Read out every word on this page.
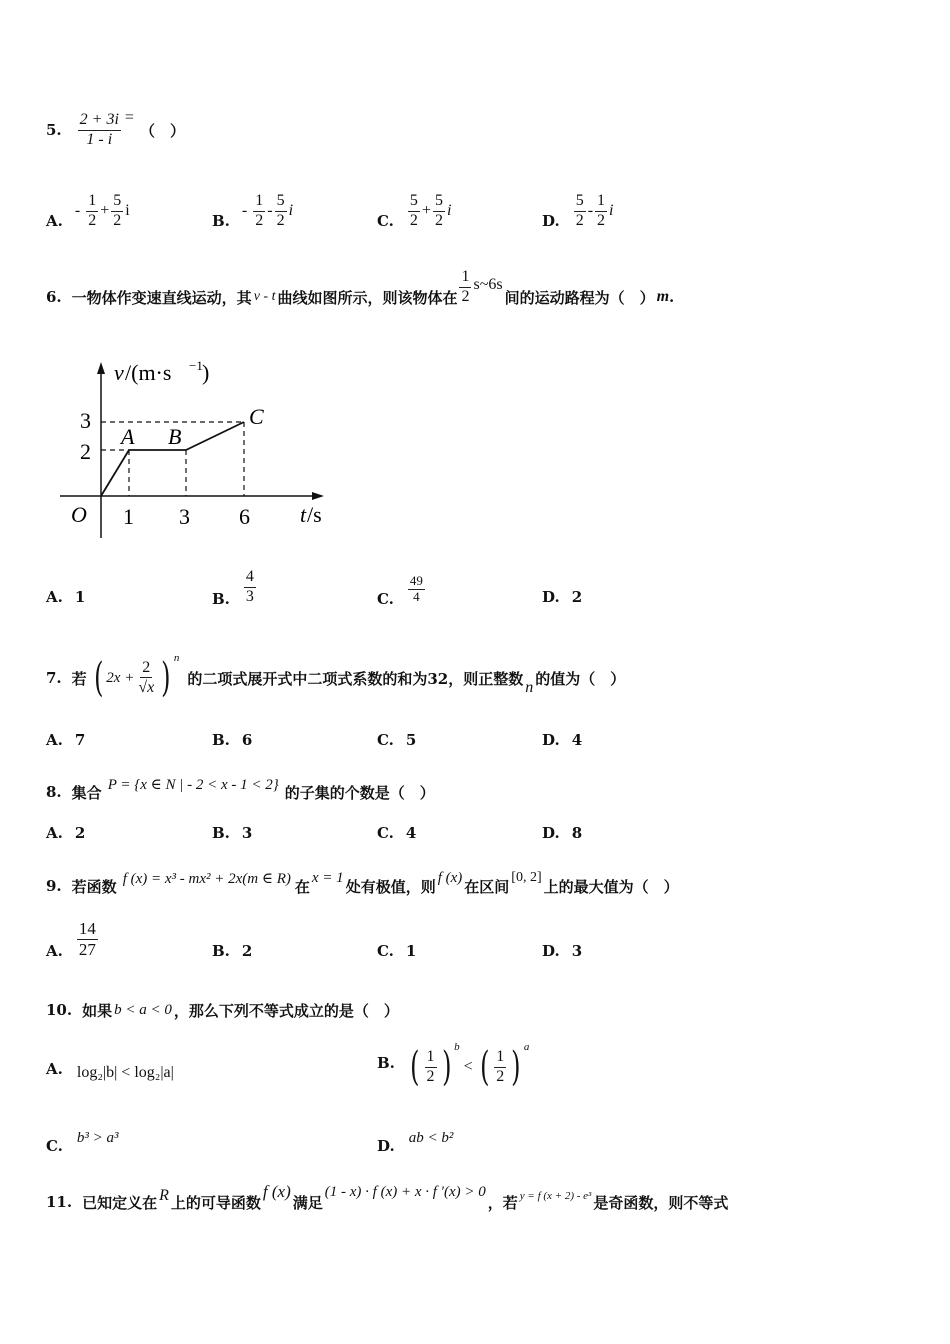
5. $\frac{2 + 3i}{1 - i}$ =
（　）
A.
- $\frac{1}{2} + \frac{5}{2}$ i
B.
- $\frac{1}{2} - \frac{5}{2}$ i
C. $\frac{5}{2} + \frac{5}{2}$ i
D. $\frac{5}{2} - \frac{1}{2}$ i
6. 一物体作变速直线运动，其 v - t 曲线如图所示，则该物体在 $\frac{1}{2}$ s~6s
间的运动路程为（　） m .
v /(m·s −1 )
3
2
A B
C
O 1 3 6 t /s
A. 1	B. $\frac{4}{3}$	C. $\frac{49}{4}$	D. 2
7. 若 ( $2x + \frac{2}{√x}$ ) n
的二项式展开式中二项式系数的和为32，则正整数 n 的值为（　）
A. 7	B. 6	C. 5	D. 4
8. 集合 P = {x ∈ N | - 2 < x - 1 < 2} 的子集的个数是（　）
A. 2	B. 3	C. 4	D. 8
9. 若函数 f (x) = x³ - mx² + 2x(m ∈ R) 在 x = 1 处有极值，则 f (x) 在区间 [0, 2] 上的最大值为（　）
A. $\frac{14}{27}$	B. 2	C. 1	D. 3
10. 如果 b < a < 0 ，那么下列不等式成立的是（　）
A. log₂|b| < log₂|a|
B. ( $\frac{1}{2}$ ) b
< ( $\frac{1}{2}$ ) a
C. b³ > a³	D. ab < b²
11. 已知定义在 R 上的可导函数
f (x)
满足
(1 - x) · f (x) + x · f ′(x) > 0
，若 y = f (x + 2) - e³ 是奇函数，则不等式
